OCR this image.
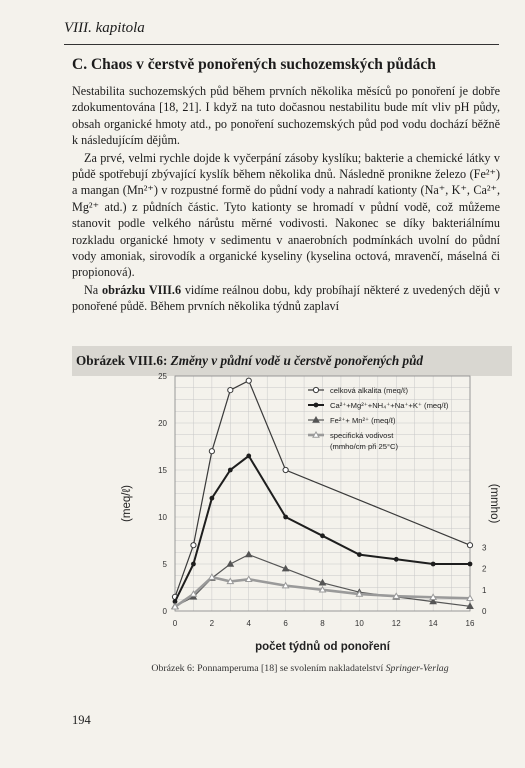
VIII. kapitola
C. Chaos v čerstvě ponořených suchozemských půdách

Nestabilita suchozemských půd během prvních několika měsíců po ponoření je dobře zdokumentována [18, 21]. I když na tuto dočasnou nestabilitu bude mít vliv pH půdy, obsah organické hmoty atd., po ponoření suchozemských půd pod vodu dochází běžně k následujícím dějům.

Za prvé, velmi rychle dojde k vyčerpání zásoby kyslíku; bakterie a chemické látky v půdě spotřebují zbývající kyslík během několika dnů. Následně pronikne železo (Fe²⁺) a mangan (Mn²⁺) v rozpustné formě do půdní vody a nahradí kationty (Na⁺, K⁺, Ca²⁺, Mg²⁺ atd.) z půdních částic. Tyto kationty se hromadí v půdní vodě, což můžeme stanovit podle velkého nárůstu měrné vodivosti. Nakonec se díky bakteriálnímu rozkladu organické hmoty v sedimentu v anaerobních podmínkách uvolní do půdní vody amoniak, sirovodík a organické kyseliny (kyselina octová, mravenčí, máselná či propionová).

Na obrázku VIII.6 vidíme reálnou dobu, kdy probíhají některé z uvedených dějů v ponořené půdě. Během prvních několika týdnů zaplaví

Obrázek VIII.6: Změny v půdní vodě u čerstvě ponořených půd
0	2	4	6	8	10	12	14	16
0
5
10
15
20
25
0
1
2
3
počet týdnů od ponoření
(meq/ℓ)	(mmho)
celková alkalita (meq/ℓ)
Ca²⁺+Mg²⁺+NH₄⁺+Na⁺+K⁺ (meq/ℓ)
Fe²⁺+ Mn²⁺ (meq/ℓ)
specifická vodivost
(mmho/cm při 25°C)
Obrázek 6: Ponnamperuma [18] se svolením nakladatelství Springer-Verlag
194
